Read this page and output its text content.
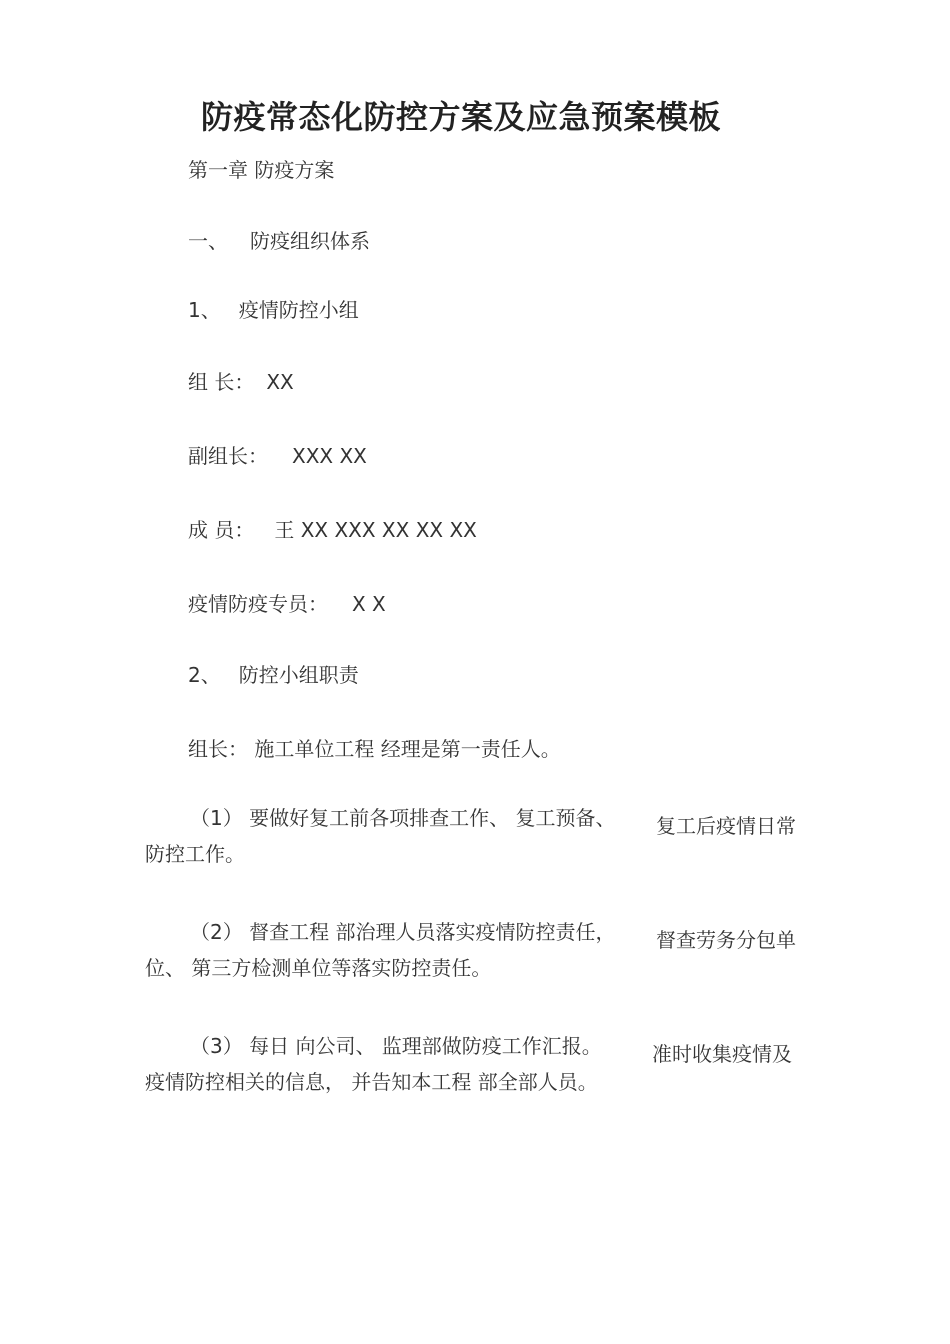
防疫常态化防控方案及应急预案模板
第一章 防疫方案
一、 防疫组织体系
1、 疫情防控小组
组 长： XX
副组长： XXX XX
成 员： 王 XX XXX XX XX XX
疫情防疫专员： X X
2、 防控小组职责
组长： 施工单位工程 经理是第一责任人。
（1） 要做好复工前各项排查工作、 复工预备、 复工后疫情日常
防控工作。
（2） 督查工程 部治理人员落实疫情防控责任， 督查劳务分包单
位、 第三方检测单位等落实防控责任。
（3） 每日 向公司、 监理部做防疫工作汇报。	准时收集疫情及
疫情防控相关的信息， 并告知本工程 部全部人员。
